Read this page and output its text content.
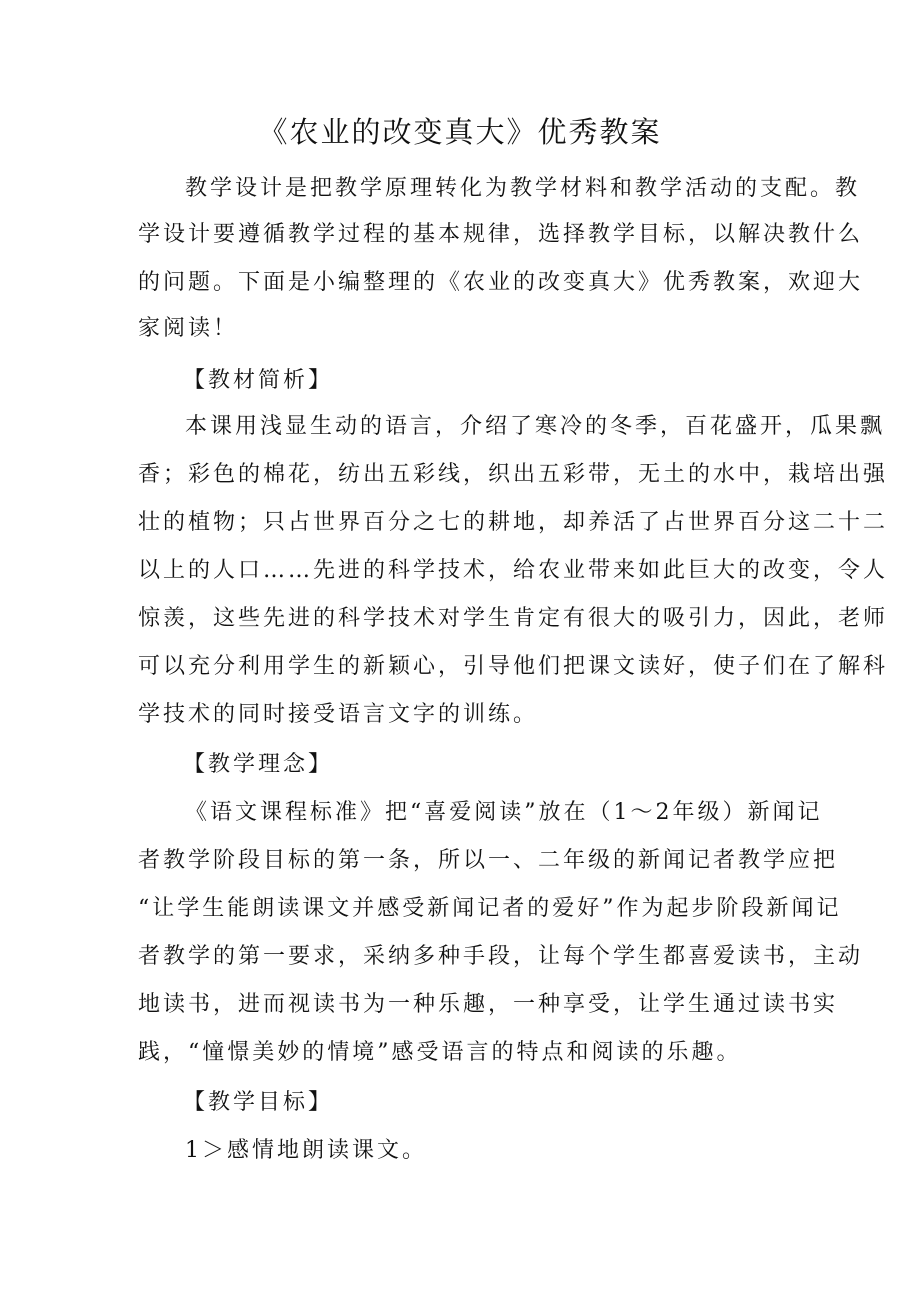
《农业的改变真大》优秀教案
教学设计是把教学原理转化为教学材料和教学活动的支配。教
学设计要遵循教学过程的基本规律，选择教学目标，以解决教什么
的问题。下面是小编整理的《农业的改变真大》优秀教案，欢迎大
家阅读！
【教材简析】
本课用浅显生动的语言，介绍了寒冷的冬季，百花盛开，瓜果飘
香；彩色的棉花，纺出五彩线，织出五彩带，无土的水中，栽培出强
壮的植物；只占世界百分之七的耕地，却养活了占世界百分这二十二
以上的人口……先进的科学技术，给农业带来如此巨大的改变，令人
惊羡，这些先进的科学技术对学生肯定有很大的吸引力，因此，老师
可以充分利用学生的新颖心，引导他们把课文读好，使子们在了解科
学技术的同时接受语言文字的训练。
【教学理念】
《语文课程标准》把“喜爱阅读”放在（1～2年级）新闻记
者教学阶段目标的第一条，所以一、二年级的新闻记者教学应把
“让学生能朗读课文并感受新闻记者的爱好”作为起步阶段新闻记
者教学的第一要求，采纳多种手段，让每个学生都喜爱读书，主动
地读书，进而视读书为一种乐趣，一种享受，让学生通过读书实
践，“憧憬美妙的情境”感受语言的特点和阅读的乐趣。
【教学目标】
1＞感情地朗读课文。
